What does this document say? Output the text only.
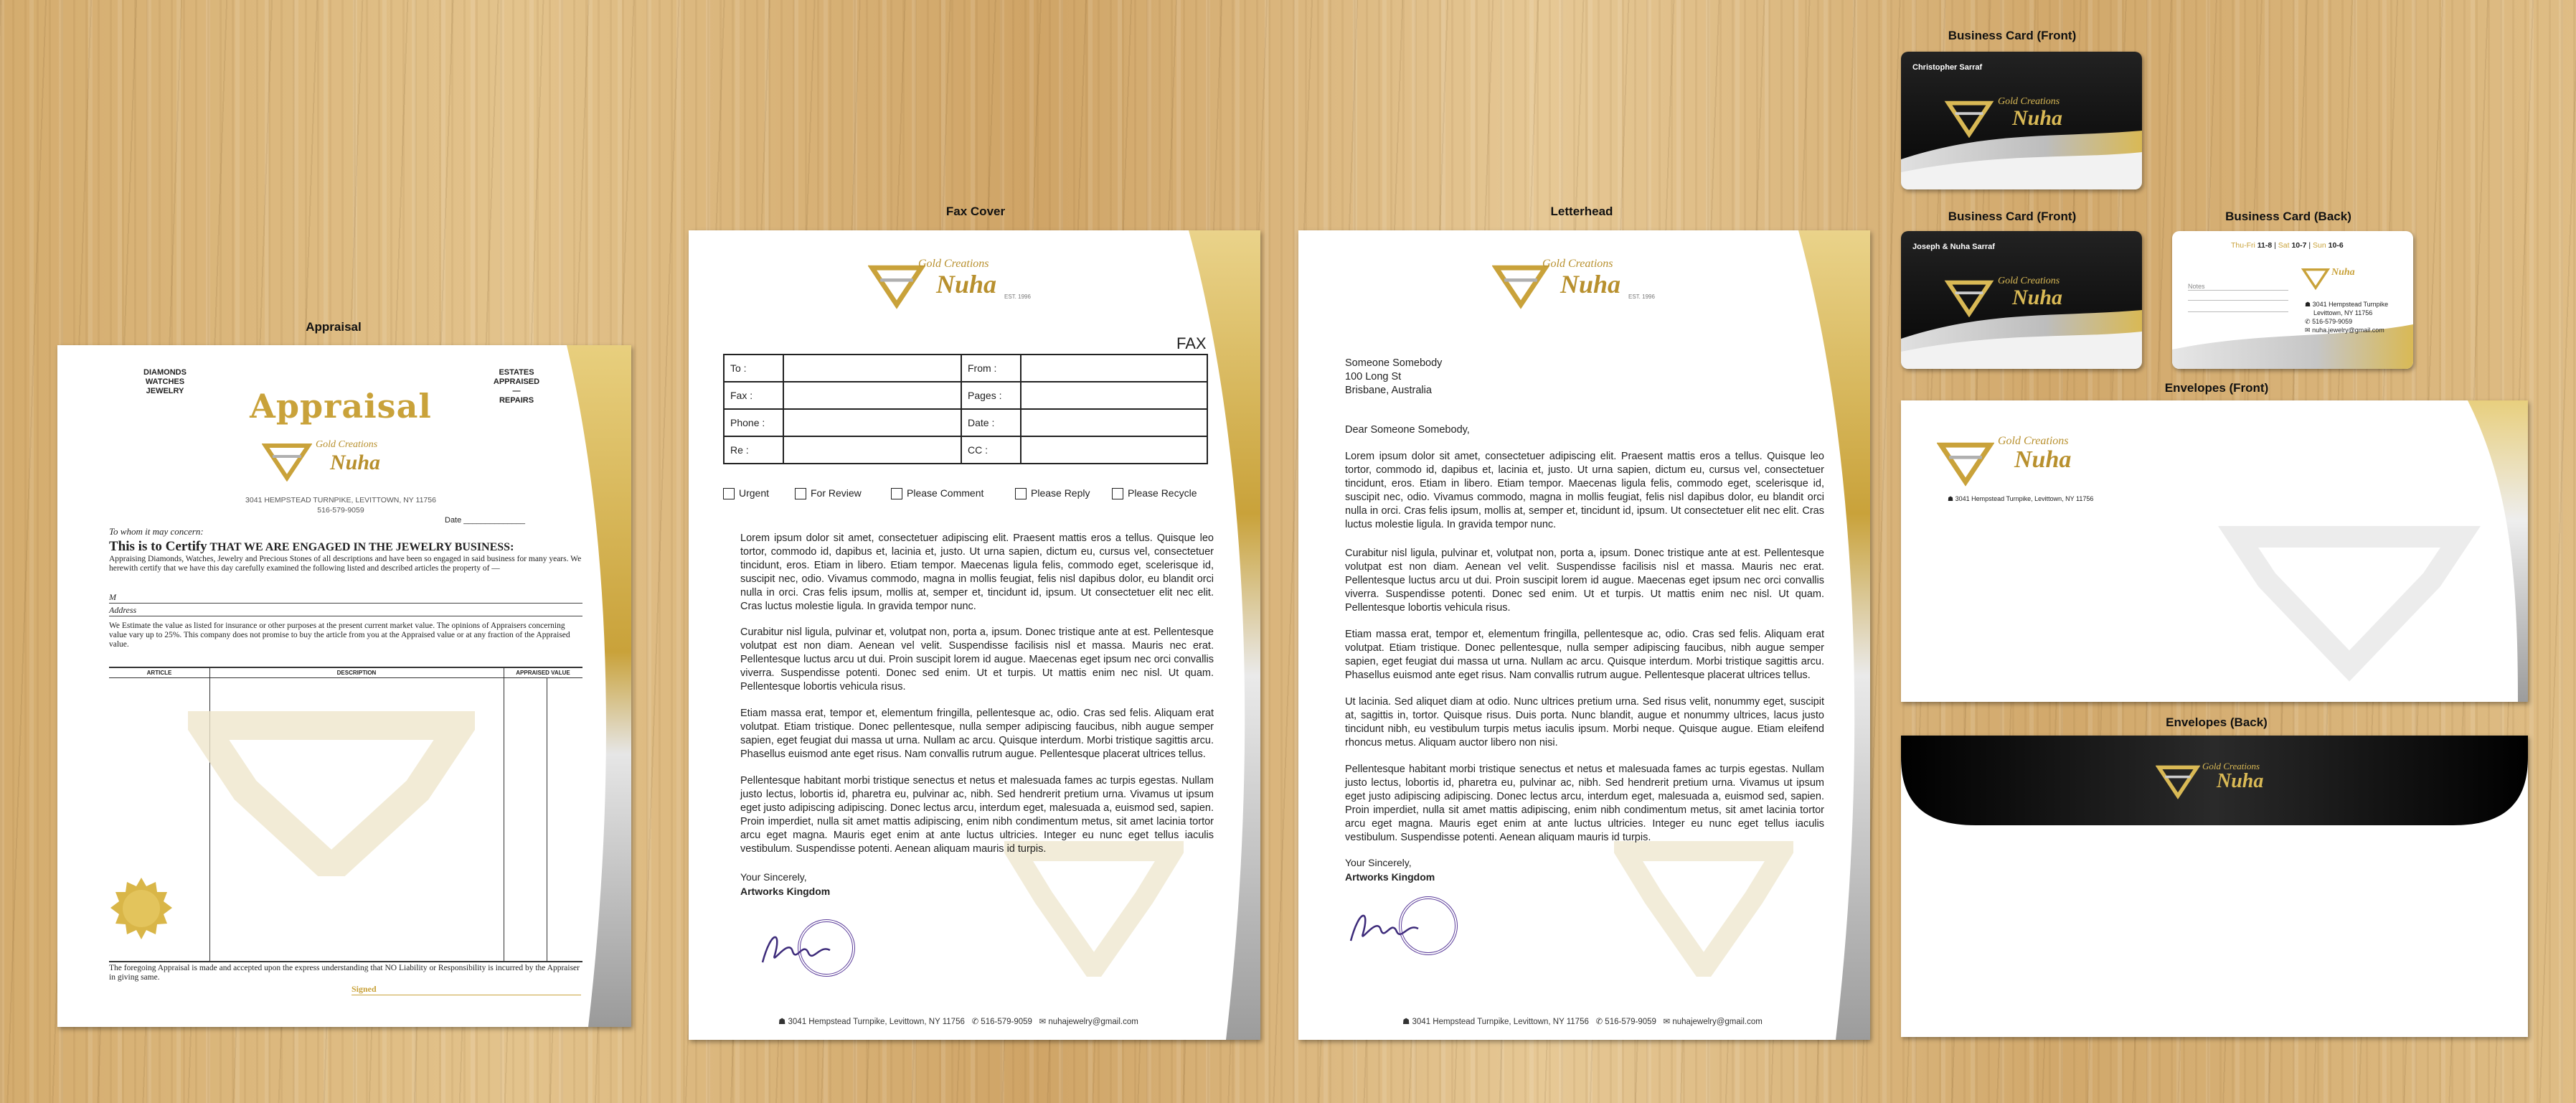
Appraisal
Fax Cover	Letterhead
Business Card (Front)
Business Card (Front)	Business Card (Back)
Envelopes (Front)
Envelopes (Back)
DIAMONDS
WATCHES
JEWELRY
ESTATES
APPRAISED
—
REPAIRS
Appraisal
Gold Creations
Nuha
3041 HEMPSTEAD TURNPIKE, LEVITTOWN, NY 11756
516-579-9059
Date ______________
To whom it may concern:
This is to Certify THAT WE ARE ENGAGED IN THE JEWELRY BUSINESS:
Appraising Diamonds, Watches, Jewelry and Precious Stones of all descriptions and have been so engaged in said business for many years. We herewith certify that we have this day carefully examined the following listed and described articles the property of —
M
Address
We Estimate the value as listed for insurance or other purposes at the present current market value. The opinions of Appraisers concerning value vary up to 25%. This company does not promise to buy the article from you at the Appraised value or at any fraction of the Appraised value.
ARTICLE	DESCRIPTION	APPRAISED VALUE
The foregoing Appraisal is made and accepted upon the express understanding that NO Liability or Responsibility is incurred by the Appraiser in giving same.
Signed
Gold Creations
Nuha EST. 1996
FAX
To :		From :	
Fax :		Pages :	
Phone :		Date :	
Re :		CC :	
Urgent	For Review	Please Comment	Please Reply	Please Recycle
Lorem ipsum dolor sit amet, consectetuer adipiscing elit. Praesent mattis eros a tellus. Quisque leo tortor, commodo id, dapibus et, lacinia et, justo. Ut urna sapien, dictum eu, cursus vel, consectetuer tincidunt, eros. Etiam in libero. Etiam tempor. Maecenas ligula felis, commodo eget, scelerisque id, suscipit nec, odio. Vivamus commodo, magna in mollis feugiat, felis nisl dapibus dolor, eu blandit orci nulla in orci. Cras felis ipsum, mollis at, semper et, tincidunt id, ipsum. Ut consectetuer elit nec elit. Cras luctus molestie ligula. In gravida tempor nunc.
Curabitur nisl ligula, pulvinar et, volutpat non, porta a, ipsum. Donec tristique ante at est. Pellentesque volutpat est non diam. Aenean vel velit. Suspendisse facilisis nisl et massa. Mauris nec erat. Pellentesque luctus arcu ut dui. Proin suscipit lorem id augue. Maecenas eget ipsum nec orci convallis viverra. Suspendisse potenti. Donec sed enim. Ut et turpis. Ut mattis enim nec nisl. Ut quam. Pellentesque lobortis vehicula risus.
Etiam massa erat, tempor et, elementum fringilla, pellentesque ac, odio. Cras sed felis. Aliquam erat volutpat. Etiam tristique. Donec pellentesque, nulla semper adipiscing faucibus, nibh augue semper sapien, eget feugiat dui massa ut urna. Nullam ac arcu. Quisque interdum. Morbi tristique sagittis arcu. Phasellus euismod ante eget risus. Nam convallis rutrum augue. Pellentesque placerat ultrices tellus.
Pellentesque habitant morbi tristique senectus et netus et malesuada fames ac turpis egestas. Nullam justo lectus, lobortis id, pharetra eu, pulvinar ac, nibh. Sed hendrerit pretium urna. Vivamus ut ipsum eget justo adipiscing adipiscing. Donec lectus arcu, interdum eget, malesuada a, euismod sed, sapien. Proin imperdiet, nulla sit amet mattis adipiscing, enim nibh condimentum metus, sit amet lacinia tortor arcu eget magna. Mauris eget enim at ante luctus ultricies. Integer eu nunc eget tellus iaculis vestibulum. Suspendisse potenti. Aenean aliquam mauris id turpis.
Your Sincerely,
Artworks Kingdom
☗ 3041 Hempstead Turnpike, Levittown, NY 11756 ✆ 516-579-9059 ✉ nuhajewelry@gmail.com
Gold Creations
Nuha EST. 1996
Someone Somebody
100 Long St
Brisbane, Australia
Dear Someone Somebody,
Lorem ipsum dolor sit amet, consectetuer adipiscing elit. Praesent mattis eros a tellus. Quisque leo tortor, commodo id, dapibus et, lacinia et, justo. Ut urna sapien, dictum eu, cursus vel, consectetuer tincidunt, eros. Etiam in libero. Etiam tempor. Maecenas ligula felis, commodo eget, scelerisque id, suscipit nec, odio. Vivamus commodo, magna in mollis feugiat, felis nisl dapibus dolor, eu blandit orci nulla in orci. Cras felis ipsum, mollis at, semper et, tincidunt id, ipsum. Ut consectetuer elit nec elit. Cras luctus molestie ligula. In gravida tempor nunc.
Curabitur nisl ligula, pulvinar et, volutpat non, porta a, ipsum. Donec tristique ante at est. Pellentesque volutpat est non diam. Aenean vel velit. Suspendisse facilisis nisl et massa. Mauris nec erat. Pellentesque luctus arcu ut dui. Proin suscipit lorem id augue. Maecenas eget ipsum nec orci convallis viverra. Suspendisse potenti. Donec sed enim. Ut et turpis. Ut mattis enim nec nisl. Ut quam. Pellentesque lobortis vehicula risus.
Etiam massa erat, tempor et, elementum fringilla, pellentesque ac, odio. Cras sed felis. Aliquam erat volutpat. Etiam tristique. Donec pellentesque, nulla semper adipiscing faucibus, nibh augue semper sapien, eget feugiat dui massa ut urna. Nullam ac arcu. Quisque interdum. Morbi tristique sagittis arcu. Phasellus euismod ante eget risus. Nam convallis rutrum augue. Pellentesque placerat ultrices tellus.
Ut lacinia. Sed aliquet diam at odio. Nunc ultrices pretium urna. Sed risus velit, nonummy eget, suscipit at, sagittis in, tortor. Quisque risus. Duis porta. Nunc blandit, augue et nonummy ultrices, lacus justo tincidunt nibh, eu vestibulum turpis metus iaculis ipsum. Morbi neque. Quisque augue. Etiam eleifend rhoncus metus. Aliquam auctor libero non nisi.
Pellentesque habitant morbi tristique senectus et netus et malesuada fames ac turpis egestas. Nullam justo lectus, lobortis id, pharetra eu, pulvinar ac, nibh. Sed hendrerit pretium urna. Vivamus ut ipsum eget justo adipiscing adipiscing. Donec lectus arcu, interdum eget, malesuada a, euismod sed, sapien. Proin imperdiet, nulla sit amet mattis adipiscing, enim nibh condimentum metus, sit amet lacinia tortor arcu eget magna. Mauris eget enim at ante luctus ultricies. Integer eu nunc eget tellus iaculis vestibulum. Suspendisse potenti. Aenean aliquam mauris id turpis.
Your Sincerely,
Artworks Kingdom
☗ 3041 Hempstead Turnpike, Levittown, NY 11756 ✆ 516-579-9059 ✉ nuhajewelry@gmail.com
Christopher Sarraf
Gold Creations
Nuha
Joseph & Nuha Sarraf
Gold Creations
Nuha
Thu-Fri 11-8 | Sat 10-7 | Sun 10-6
Nuha
Notes
☗ 3041 Hempstead Turnpike
Levittown, NY 11756
✆ 516-579-9059
✉ nuha.jewelry@gmail.com
Gold Creations
Nuha
☗ 3041 Hempstead Turnpike, Levittown, NY 11756
Gold Creations
Nuha
